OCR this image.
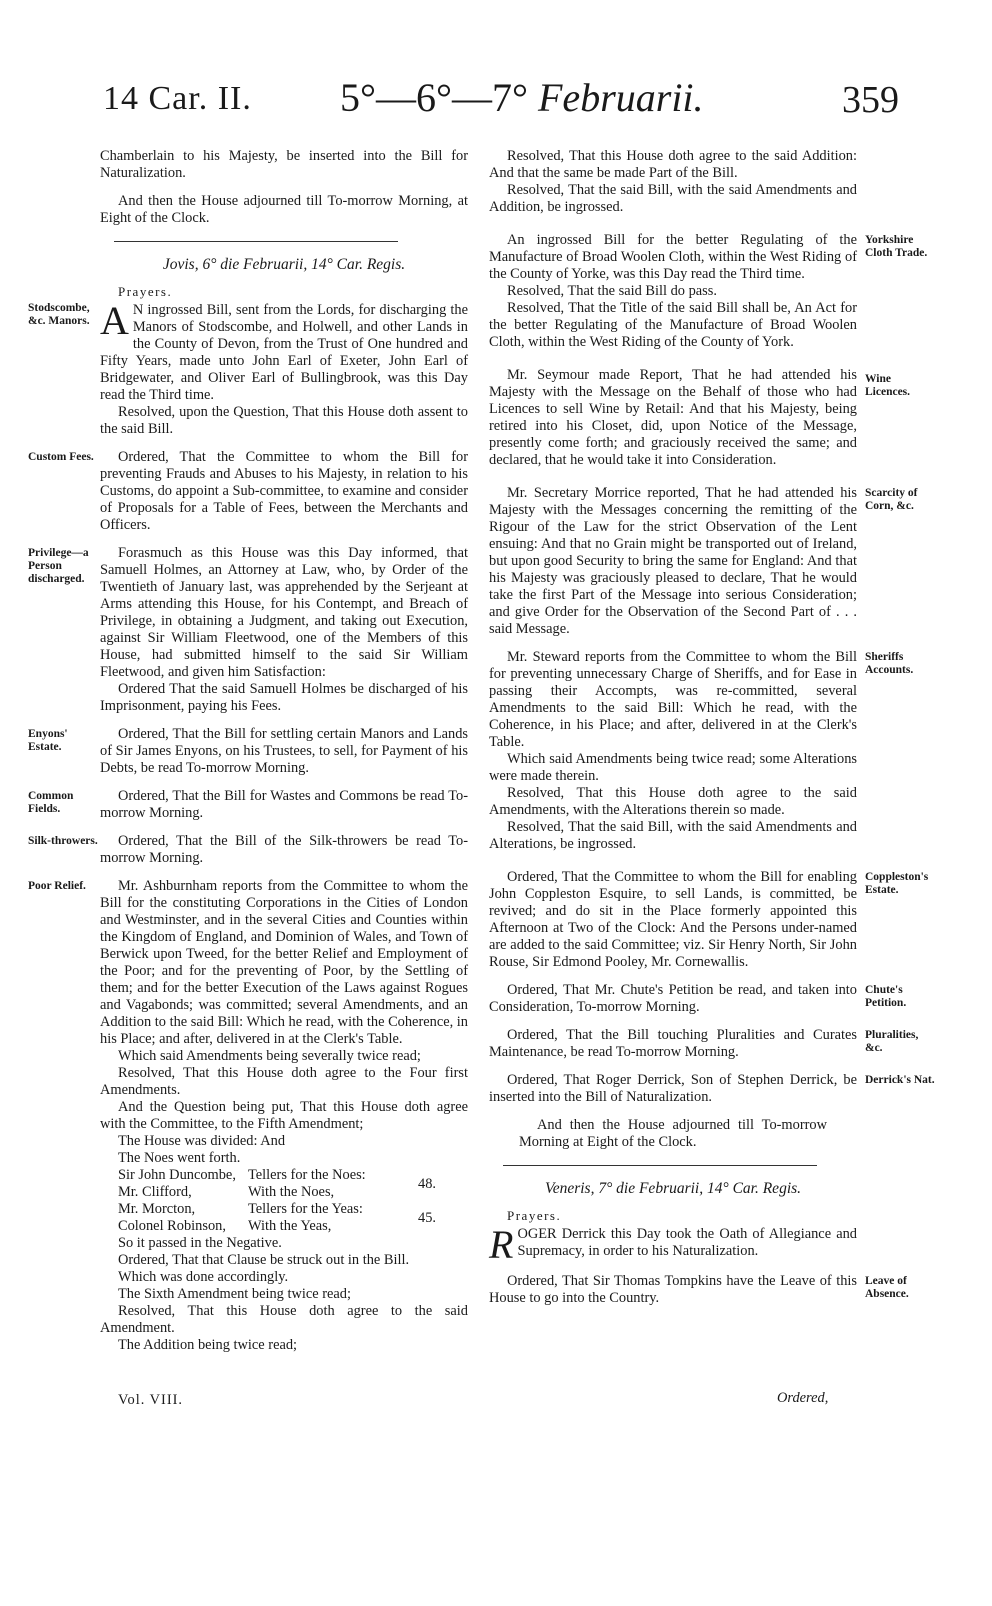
14 Car. II. 5°—6°—7° Februarii.	359

Chamberlain to his Majesty, be inserted into the Bill for Naturalization.

And then the House adjourned till To-morrow Morning, at Eight of the Clock.

Jovis, 6° die Februarii, 14° Car. Regis.
Prayers.
Stodscombe, &c. Manors. A N ingrossed Bill, sent from the Lords, for discharging the Manors of Stodscombe, and Holwell, and other Lands in the County of Devon, from the Trust of One hundred and Fifty Years, made unto John Earl of Exeter, John Earl of Bridgewater, and Oliver Earl of Bullingbrook, was this Day read the Third time.

Resolved, upon the Question, That this House doth assent to the said Bill.

Custom Fees. Ordered, That the Committee to whom the Bill for preventing Frauds and Abuses to his Majesty, in relation to his Customs, do appoint a Sub-committee, to examine and consider of Proposals for a Table of Fees, between the Merchants and Officers.
Privilege—a Person discharged.
Forasmuch as this House was this Day informed, that Samuell Holmes, an Attorney at Law, who, by Order of the Twentieth of January last, was apprehended by the Serjeant at Arms attending this House, for his Contempt, and Breach of Privilege, in obtaining a Judgment, and taking out Execution, against Sir William Fleetwood, one of the Members of this House, had submitted himself to the said Sir William Fleetwood, and given him Satisfaction:

Ordered That the said Samuell Holmes be discharged of his Imprisonment, paying his Fees.

Enyons' Estate.
Ordered, That the Bill for settling certain Manors and Lands of Sir James Enyons, on his Trustees, to sell, for Payment of his Debts, be read To-morrow Morning.
Common Fields.
Ordered, That the Bill for Wastes and Commons be read To-morrow Morning.
Silk-throwers. Ordered, That the Bill of the Silk-throwers be read To-morrow Morning.
Poor Relief.	Mr. Ashburnham reports from the Committee to whom the Bill for the constituting Corporations in the Cities of London and Westminster, and in the several Cities and Counties within the Kingdom of England, and Dominion of Wales, and Town of Berwick upon Tweed, for the better Relief and Employment of the Poor; and for the preventing of Poor, by the Settling of them; and for the better Execution of the Laws against Rogues and Vagabonds; was committed; several Amendments, and an Addition to the said Bill: Which he read, with the Coherence, in his Place; and after, delivered in at the Clerk's Table.

Which said Amendments being severally twice read;

Resolved, That this House doth agree to the Four first Amendments.

And the Question being put, That this House doth agree with the Committee, to the Fifth Amendment;

The House was divided: And

The Noes went forth.

Sir John Duncombe, Tellers for the Noes:
Mr. Clifford,	With the Noes,
48.
Mr. Morcton,	Tellers for the Yeas:
Colonel Robinson,	With the Yeas,
45.

So it passed in the Negative.

Ordered, That that Clause be struck out in the Bill.

Which was done accordingly.

The Sixth Amendment being twice read;

Resolved, That this House doth agree to the said Amendment.

The Addition being twice read;

Vol. VIII.

Resolved, That this House doth agree to the said Addition: And that the same be made Part of the Bill.

Resolved, That the said Bill, with the said Amendments and Addition, be ingrossed.

Yorkshire Cloth Trade.
An ingrossed Bill for the better Regulating of the Manufacture of Broad Woolen Cloth, within the West Riding of the County of Yorke, was this Day read the Third time.

Resolved, That the said Bill do pass.

Resolved, That the Title of the said Bill shall be, An Act for the better Regulating of the Manufacture of Broad Woolen Cloth, within the West Riding of the County of York.

Wine Licences.
Mr. Seymour made Report, That he had attended his Majesty with the Message on the Behalf of those who had Licences to sell Wine by Retail: And that his Majesty, being retired into his Closet, did, upon Notice of the Message, presently come forth; and graciously received the same; and declared, that he would take it into Consideration.
Scarcity of Corn, &c.
Mr. Secretary Morrice reported, That he had attended his Majesty with the Messages concerning the remitting of the Rigour of the Law for the strict Observation of the Lent ensuing: And that no Grain might be transported out of Ireland, but upon good Security to bring the same for England: And that his Majesty was graciously pleased to declare, That he would take the first Part of the Message into serious Consideration; and give Order for the Observation of the Second Part of . . . said Message.
Sheriffs Accounts.
Mr. Steward reports from the Committee to whom the Bill for preventing unnecessary Charge of Sheriffs, and for Ease in passing their Accompts, was re-committed, several Amendments to the said Bill: Which he read, with the Coherence, in his Place; and after, delivered in at the Clerk's Table.

Which said Amendments being twice read; some Alterations were made therein.

Resolved, That this House doth agree to the said Amendments, with the Alterations therein so made.

Resolved, That the said Bill, with the said Amendments and Alterations, be ingrossed.

Coppleston's Estate.
Ordered, That the Committee to whom the Bill for enabling John Coppleston Esquire, to sell Lands, is committed, be revived; and do sit in the Place formerly appointed this Afternoon at Two of the Clock: And the Persons under-named are added to the said Committee; viz. Sir Henry North, Sir John Rouse, Sir Edmond Pooley, Mr. Cornewallis.
Chute's Petition.
Ordered, That Mr. Chute's Petition be read, and taken into Consideration, To-morrow Morning.
Pluralities, &c.
Ordered, That the Bill touching Pluralities and Curates Maintenance, be read To-morrow Morning.
Derrick's Nat.
Ordered, That Roger Derrick, Son of Stephen Derrick, be inserted into the Bill of Naturalization.

And then the House adjourned till To-morrow Morning at Eight of the Clock.

Veneris, 7° die Februarii, 14° Car. Regis.
Prayers.
ROGER Derrick this Day took the Oath of Allegiance and Supremacy, in order to his Naturalization.
Leave of Absence.
Ordered, That Sir Thomas Tompkins have the Leave of this House to go into the Country.
Ordered,
